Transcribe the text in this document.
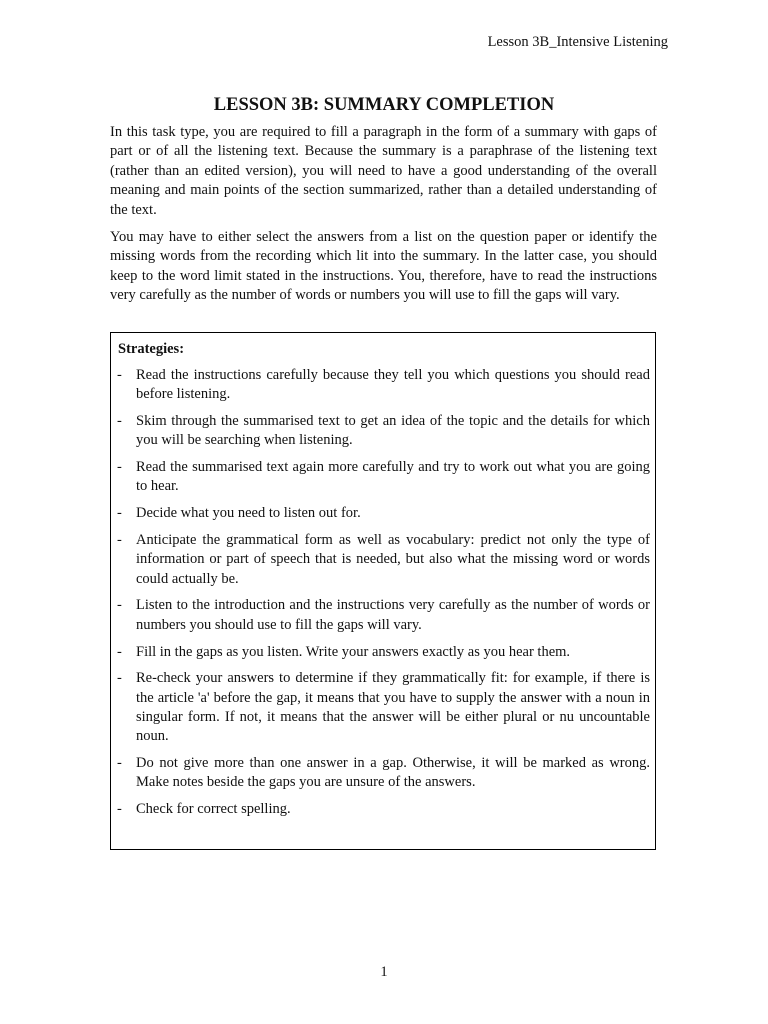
Lesson 3B_Intensive Listening
LESSON 3B: SUMMARY COMPLETION

In this task type, you are required to fill a paragraph in the form of a summary with gaps of part or of all the listening text. Because the summary is a paraphrase of the listening text (rather than an edited version), you will need to have a good understanding of the overall meaning and main points of the section summarized, rather than a detailed understanding of the text.

You may have to either select the answers from a list on the question paper or identify the missing words from the recording which lit into the summary. In the latter case, you should keep to the word limit stated in the instructions. You, therefore, have to read the instructions very carefully as the number of words or numbers you will use to fill the gaps will vary.

Strategies:

- Read the instructions carefully because they tell you which questions you should read before listening.
- Skim through the summarised text to get an idea of the topic and the details for which you will be searching when listening.
- Read the summarised text again more carefully and try to work out what you are going to hear.
- Decide what you need to listen out for.
- Anticipate the grammatical form as well as vocabulary: predict not only the type of information or part of speech that is needed, but also what the missing word or words could actually be.
- Listen to the introduction and the instructions very carefully as the number of words or numbers you should use to fill the gaps will vary.
- Fill in the gaps as you listen. Write your answers exactly as you hear them.
- Re-check your answers to determine if they grammatically fit: for example, if there is the article 'a' before the gap, it means that you have to supply the answer with a noun in singular form. If not, it means that the answer will be either plural or nu uncountable noun.
- Do not give more than one answer in a gap. Otherwise, it will be marked as wrong. Make notes beside the gaps you are unsure of the answers.
- Check for correct spelling.
1
